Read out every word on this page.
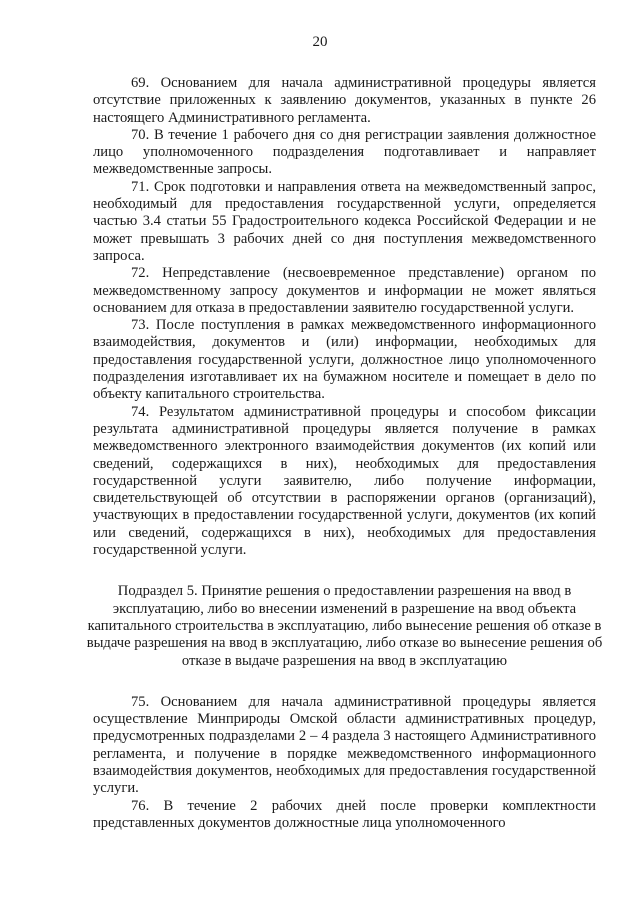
20

69. Основанием для начала административной процедуры является отсутствие приложенных к заявлению документов, указанных в пункте 26 настоящего Административного регламента.

70. В течение 1 рабочего дня со дня регистрации заявления должностное лицо уполномоченного подразделения подготавливает и направляет межведомственные запросы.

71. Срок подготовки и направления ответа на межведомственный запрос, необходимый для предоставления государственной услуги, определяется частью 3.4 статьи 55 Градостроительного кодекса Российской Федерации и не может превышать 3 рабочих дней со дня поступления межведомственного запроса.

72. Непредставление (несвоевременное представление) органом по межведомственному запросу документов и информации не может являться основанием для отказа в предоставлении заявителю государственной услуги.

73. После поступления в рамках межведомственного информационного взаимодействия, документов и (или) информации, необходимых для предоставления государственной услуги, должностное лицо уполномоченного подразделения изготавливает их на бумажном носителе и помещает в дело по объекту капитального строительства.

74. Результатом административной процедуры и способом фиксации результата административной процедуры является получение в рамках межведомственного электронного взаимодействия документов (их копий или сведений, содержащихся в них), необходимых для предоставления государственной услуги заявителю, либо получение информации, свидетельствующей об отсутствии в распоряжении органов (организаций), участвующих в предоставлении государственной услуги, документов (их копий или сведений, содержащихся в них), необходимых для предоставления государственной услуги.

Подраздел 5. Принятие решения о предоставлении разрешения на ввод в эксплуатацию, либо во внесении изменений в разрешение на ввод объекта капитального строительства в эксплуатацию, либо вынесение решения об отказе в выдаче разрешения на ввод в эксплуатацию, либо отказе во вынесение решения об отказе в выдаче разрешения на ввод в эксплуатацию

75. Основанием для начала административной процедуры является осуществление Минприроды Омской области административных процедур, предусмотренных подразделами 2 – 4 раздела 3 настоящего Административного регламента, и получение в порядке межведомственного информационного взаимодействия документов, необходимых для предоставления государственной услуги.

76. В течение 2 рабочих дней после проверки комплектности представленных документов должностные лица уполномоченного
